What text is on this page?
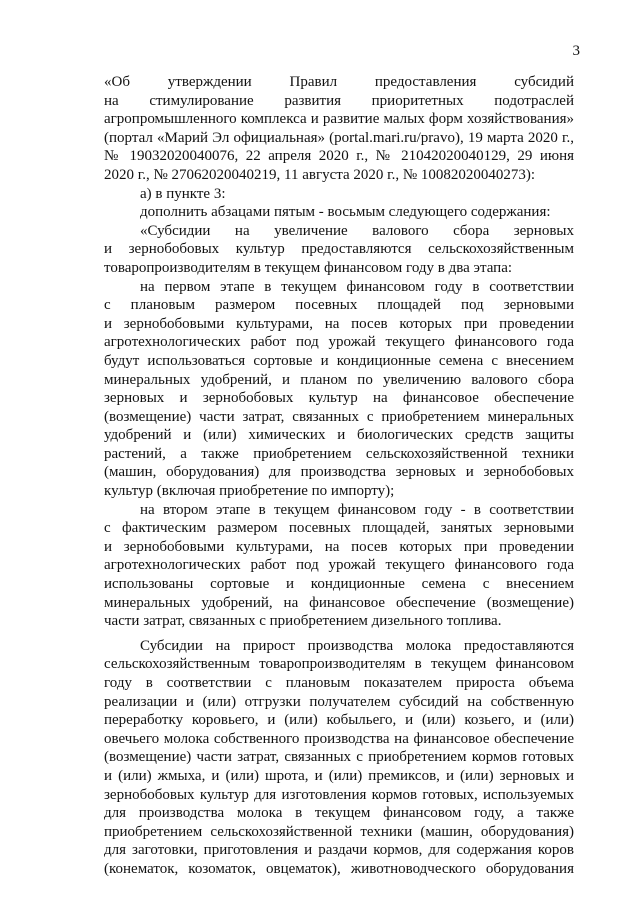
3
«Об утверждении Правил предоставления субсидий
на стимулирование развития приоритетных подотраслей
агропромышленного комплекса и развитие малых форм хозяйствования»
(портал «Марий Эл официальная» (portal.mari.ru/pravo), 19 марта 2020 г.,
№ 19032020040076, 22 апреля 2020 г., № 21042020040129, 29 июня
2020 г., № 27062020040219, 11 августа 2020 г., № 10082020040273):
а) в пункте 3:
дополнить абзацами пятым - восьмым следующего содержания:
«Субсидии на увеличение валового сбора зерновых
и зернобобовых культур предоставляются сельскохозяйственным
товаропроизводителям в текущем финансовом году в два этапа:
на первом этапе в текущем финансовом году в соответствии
с плановым размером посевных площадей под зерновыми
и зернобобовыми культурами, на посев которых при проведении
агротехнологических работ под урожай текущего финансового года
будут использоваться сортовые и кондиционные семена с внесением
минеральных удобрений, и планом по увеличению валового сбора
зерновых и зернобобовых культур на финансовое обеспечение
(возмещение) части затрат, связанных с приобретением минеральных
удобрений и (или) химических и биологических средств защиты
растений, а также приобретением сельскохозяйственной техники
(машин, оборудования) для производства зерновых и зернобобовых
культур (включая приобретение по импорту);
на втором этапе в текущем финансовом году - в соответствии
с фактическим размером посевных площадей, занятых зерновыми
и зернобобовыми культурами, на посев которых при проведении
агротехнологических работ под урожай текущего финансового года
использованы сортовые и кондиционные семена с внесением
минеральных удобрений, на финансовое обеспечение (возмещение)
части затрат, связанных с приобретением дизельного топлива.
Субсидии на прирост производства молока предоставляются
сельскохозяйственным товаропроизводителям в текущем финансовом
году в соответствии с плановым показателем прироста объема
реализации и (или) отгрузки получателем субсидий на собственную
переработку коровьего, и (или) кобыльего, и (или) козьего, и (или)
овечьего молока собственного производства на финансовое обеспечение
(возмещение) части затрат, связанных с приобретением кормов готовых
и (или) жмыха, и (или) шрота, и (или) премиксов, и (или) зерновых и
зернобобовых культур для изготовления кормов готовых, используемых
для производства молока в текущем финансовом году, а также
приобретением сельскохозяйственной техники (машин, оборудования)
для заготовки, приготовления и раздачи кормов, для содержания коров
(конематок, козоматок, овцематок), животноводческого оборудования
